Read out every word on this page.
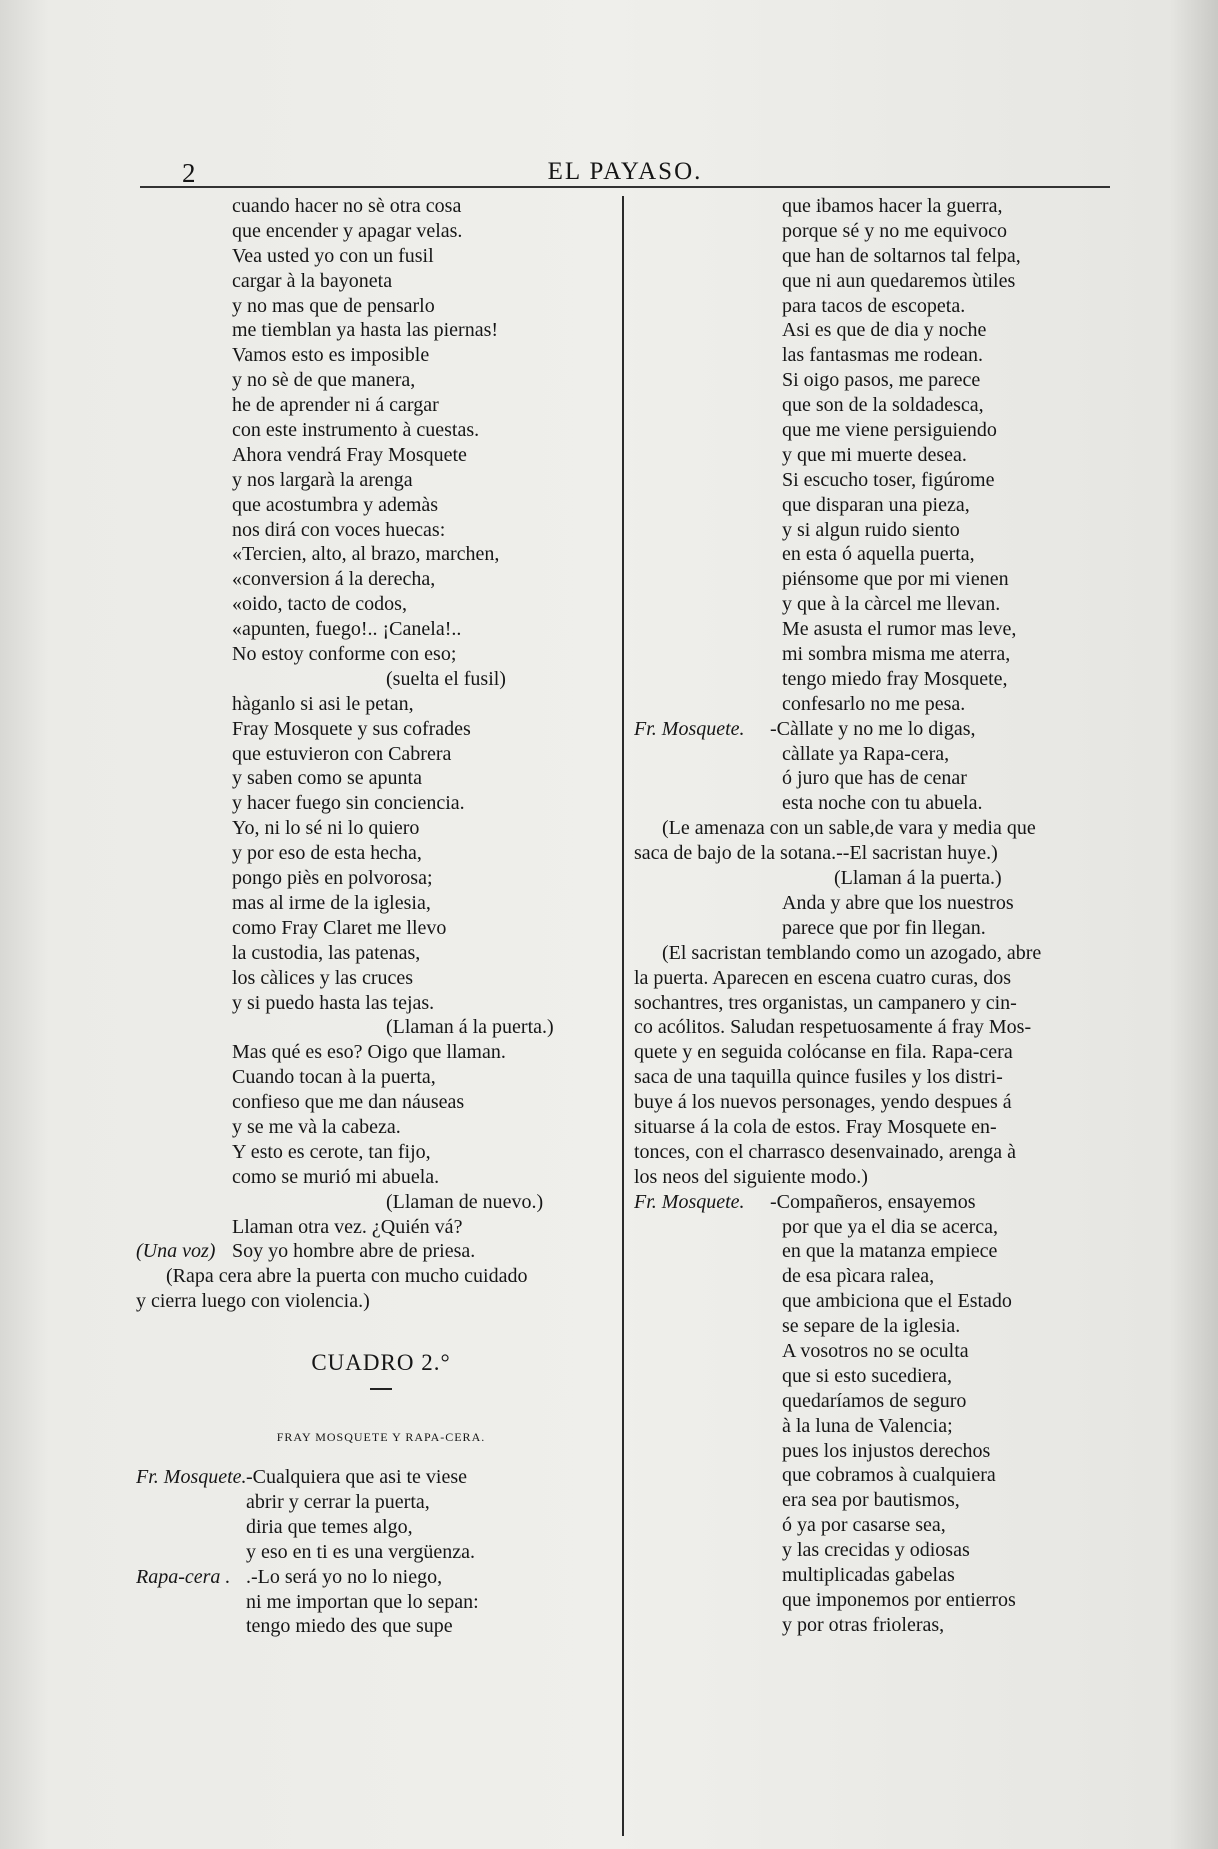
2	EL PAYASO.
cuando hacer no sè otra cosa
que encender y apagar velas.
Vea usted yo con un fusil
cargar à la bayoneta
y no mas que de pensarlo
me tiemblan ya hasta las piernas!
Vamos esto es imposible
y no sè de que manera,
he de aprender ni á cargar
con este instrumento à cuestas.
Ahora vendrá Fray Mosquete
y nos largarà la arenga
que acostumbra y ademàs
nos dirá con voces huecas:
«Tercien, alto, al brazo, marchen,
«conversion á la derecha,
«oido, tacto de codos,
«apunten, fuego!.. ¡Canela!..
No estoy conforme con eso;
(suelta el fusil)
hàganlo si asi le petan,
Fray Mosquete y sus cofrades
que estuvieron con Cabrera
y saben como se apunta
y hacer fuego sin conciencia.
Yo, ni lo sé ni lo quiero
y por eso de esta hecha,
pongo piès en polvorosa;
mas al irme de la iglesia,
como Fray Claret me llevo
la custodia, las patenas,
los càlices y las cruces
y si puedo hasta las tejas.
(Llaman á la puerta.)
Mas qué es eso? Oigo que llaman.
Cuando tocan à la puerta,
confieso que me dan náuseas
y se me và la cabeza.
Y esto es cerote, tan fijo,
como se murió mi abuela.
(Llaman de nuevo.)
Llaman otra vez. ¿Quién vá?
(Una voz) Soy yo hombre abre de priesa.
(Rapa cera abre la puerta con mucho cuidado
y cierra luego con violencia.)
CUADRO 2.°
FRAY MOSQUETE Y RAPA-CERA.
Fr. Mosquete. -Cualquiera que asi te viese
abrir y cerrar la puerta,
diria que temes algo,
y eso en ti es una vergüenza.
Rapa-cera . .-Lo será yo no lo niego,
ni me importan que lo sepan:
tengo miedo des que supe
que ibamos hacer la guerra,
porque sé y no me equivoco
que han de soltarnos tal felpa,
que ni aun quedaremos ùtiles
para tacos de escopeta.
Asi es que de dia y noche
las fantasmas me rodean.
Si oigo pasos, me parece
que son de la soldadesca,
que me viene persiguiendo
y que mi muerte desea.
Si escucho toser, figúrome
que disparan una pieza,
y si algun ruido siento
en esta ó aquella puerta,
piénsome que por mi vienen
y que à la càrcel me llevan.
Me asusta el rumor mas leve,
mi sombra misma me aterra,
tengo miedo fray Mosquete,
confesarlo no me pesa.
Fr. Mosquete. -Càllate y no me lo digas,
càllate ya Rapa-cera,
ó juro que has de cenar
esta noche con tu abuela.
(Le amenaza con un sable,de vara y media que
saca de bajo de la sotana.--El sacristan huye.)
(Llaman á la puerta.)
Anda y abre que los nuestros
parece que por fin llegan.
(El sacristan temblando como un azogado, abre
la puerta. Aparecen en escena cuatro curas, dos
sochantres, tres organistas, un campanero y cin-
co acólitos. Saludan respetuosamente á fray Mos-
quete y en seguida colócanse en fila. Rapa-cera
saca de una taquilla quince fusiles y los distri-
buye á los nuevos personages, yendo despues á
situarse á la cola de estos. Fray Mosquete en-
tonces, con el charrasco desenvainado, arenga à
los neos del siguiente modo.)
Fr. Mosquete. -Compañeros, ensayemos
por que ya el dia se acerca,
en que la matanza empiece
de esa pìcara ralea,
que ambiciona que el Estado
se separe de la iglesia.
A vosotros no se oculta
que si esto sucediera,
quedaríamos de seguro
à la luna de Valencia;
pues los injustos derechos
que cobramos à cualquiera
era sea por bautismos,
ó ya por casarse sea,
y las crecidas y odiosas
multiplicadas gabelas
que imponemos por entierros
y por otras frioleras,
